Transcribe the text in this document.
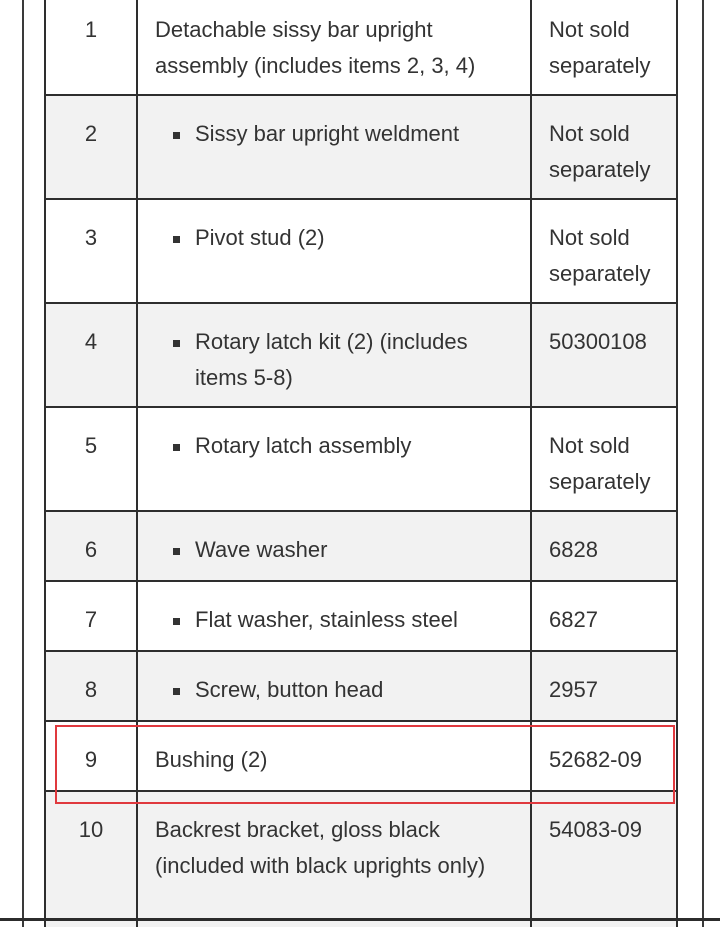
1	Detachable sissy bar upright assembly (includes items 2, 3, 4)	Not sold separately
2	Sissy bar upright weldment	Not sold separately
3	Pivot stud (2)	Not sold separately
4	Rotary latch kit (2) (includes items 5-8)	50300108
5	Rotary latch assembly	Not sold separately
6	Wave washer	6828
7	Flat washer, stainless steel	6827
8	Screw, button head	2957
9	Bushing (2)	52682-09
10	Backrest bracket, gloss black (included with black uprights only)	54083-09
